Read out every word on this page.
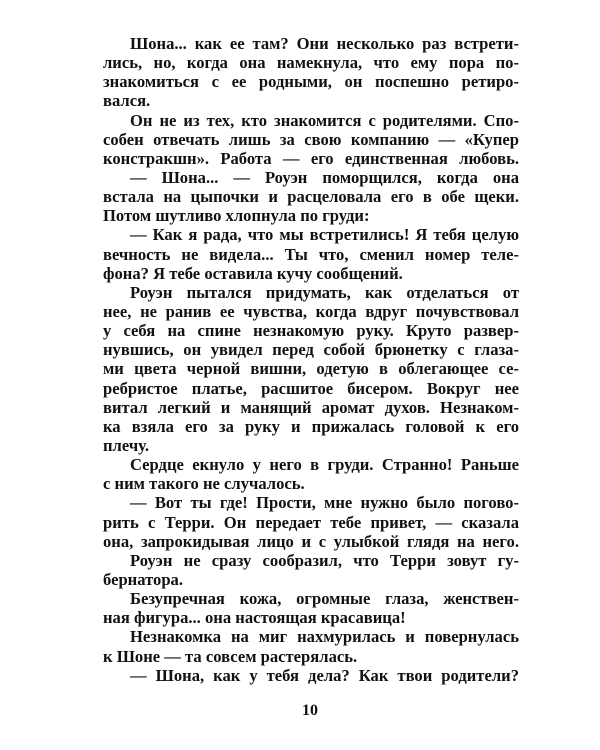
Шона... как ее там? Они несколько раз встрети-
лись, но, когда она намекнула, что ему пора по-
знакомиться с ее родными, он поспешно ретиро-
вался.
Он не из тех, кто знакомится с родителями. Спо-
собен отвечать лишь за свою компанию — «Купер
констракшн». Работа — его единственная любовь.
— Шона... — Роуэн поморщился, когда она
встала на цыпочки и расцеловала его в обе щеки.
Потом шутливо хлопнула по груди:
— Как я рада, что мы встретились! Я тебя целую
вечность не видела... Ты что, сменил номер теле-
фона? Я тебе оставила кучу сообщений.
Роуэн пытался придумать, как отделаться от
нее, не ранив ее чувства, когда вдруг почувствовал
у себя на спине незнакомую руку. Круто развер-
нувшись, он увидел перед собой брюнетку с глаза-
ми цвета черной вишни, одетую в облегающее се-
ребристое платье, расшитое бисером. Вокруг нее
витал легкий и манящий аромат духов. Незнаком-
ка взяла его за руку и прижалась головой к его
плечу.
Сердце екнуло у него в груди. Странно! Раньше
с ним такого не случалось.
— Вот ты где! Прости, мне нужно было погово-
рить с Терри. Он передает тебе привет, — сказала
она, запрокидывая лицо и с улыбкой глядя на него.
Роуэн не сразу сообразил, что Терри зовут гу-
бернатора.
Безупречная кожа, огромные глаза, женствен-
ная фигура... она настоящая красавица!
Незнакомка на миг нахмурилась и повернулась
к Шоне — та совсем растерялась.
— Шона, как у тебя дела? Как твои родители?
10
